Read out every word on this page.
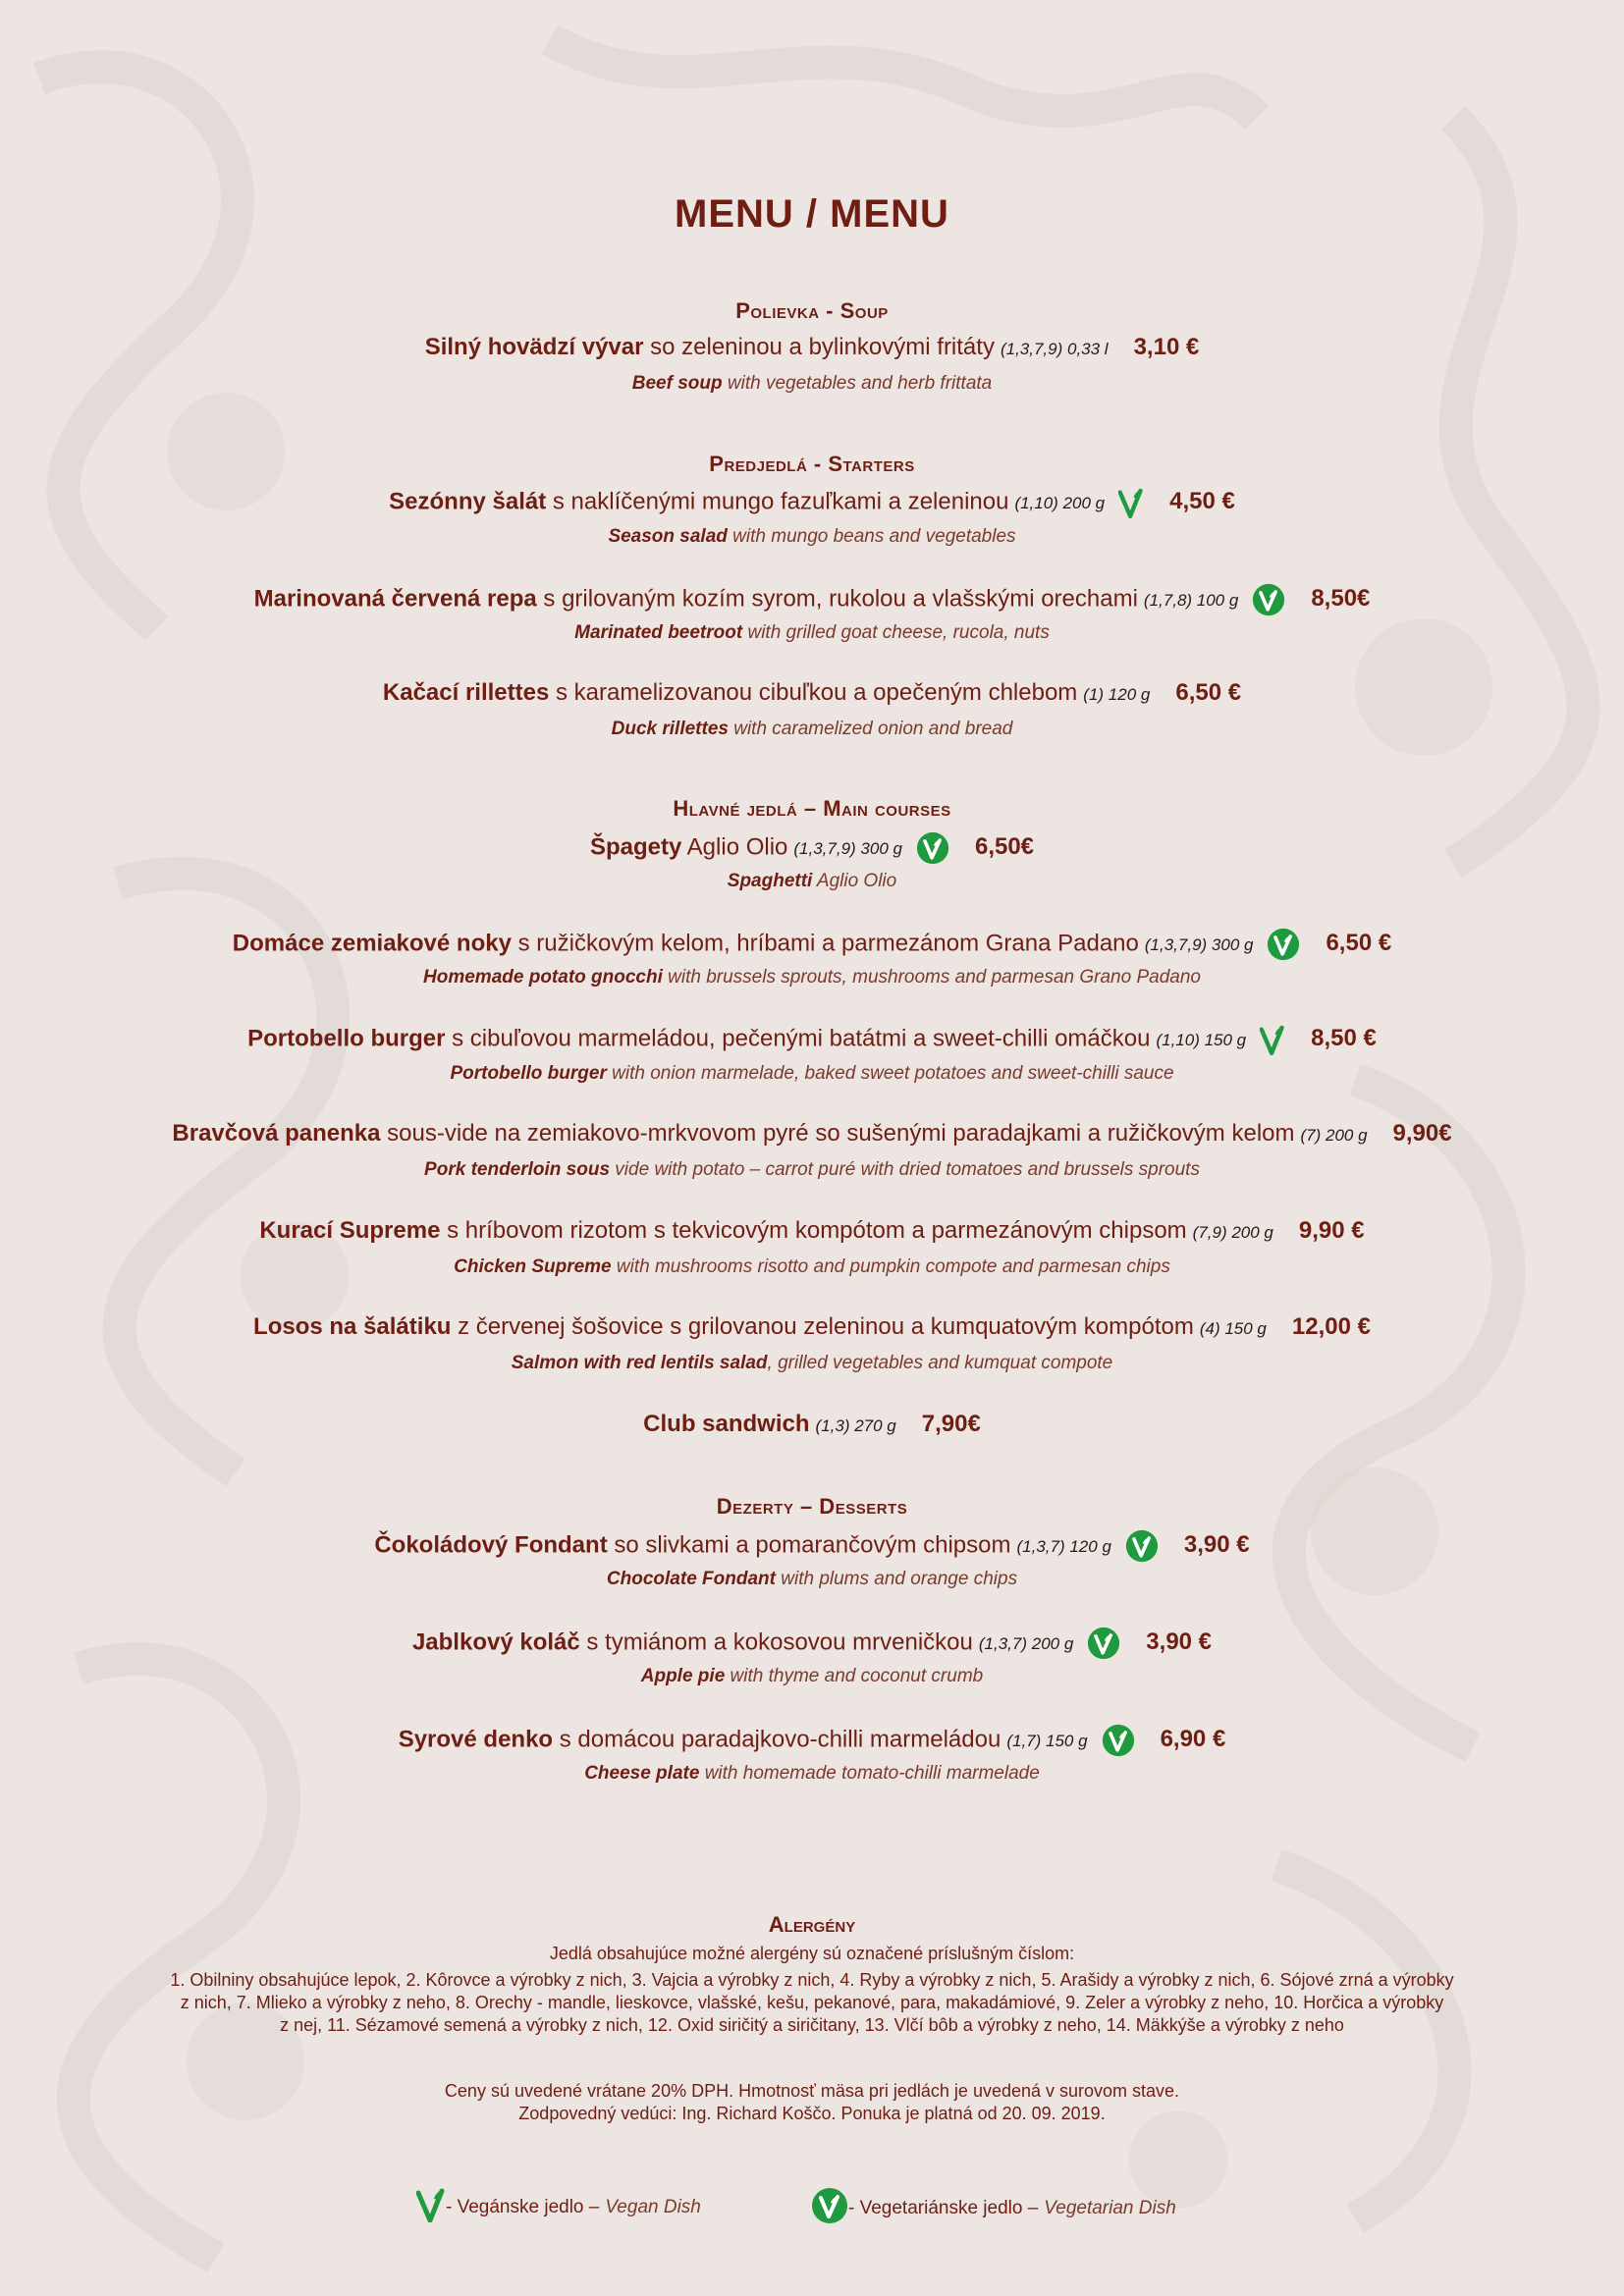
MENU / MENU
Polievka - Soup
Predjedlá - Starters
Hlavné jedlá – Main courses
Dezerty – Desserts
Silný hovädzí vývar so zeleninou a bylinkovými fritáty (1,3,7,9) 0,33 l 3,10 €
Beef soup with vegetables and herb frittata
Sezónny šalát s naklíčenými mungo fazuľkami a zeleninou (1,10) 200 g	4,50 €
Season salad with mungo beans and vegetables
Marinovaná červená repa s grilovaným kozím syrom, rukolou a vlašskými orechami (1,7,8) 100 g	8,50€
Marinated beetroot with grilled goat cheese, rucola, nuts
Kačací rillettes s karamelizovanou cibuľkou a opečeným chlebom (1) 120 g 6,50 €
Duck rillettes with caramelized onion and bread
Špagety Aglio Olio (1,3,7,9) 300 g	6,50€
Spaghetti Aglio Olio
Domáce zemiakové noky s ružičkovým kelom, hríbami a parmezánom Grana Padano (1,3,7,9) 300 g	6,50 €
Homemade potato gnocchi with brussels sprouts, mushrooms and parmesan Grano Padano
Portobello burger s cibuľovou marmeládou, pečenými batátmi a sweet-chilli omáčkou (1,10) 150 g	8,50 €
Portobello burger with onion marmelade, baked sweet potatoes and sweet-chilli sauce
Bravčová panenka sous-vide na zemiakovo-mrkvovom pyré so sušenými paradajkami a ružičkovým kelom (7) 200 g 9,90€
Pork tenderloin sous vide with potato – carrot puré with dried tomatoes and brussels sprouts
Kurací Supreme s hríbovom rizotom s tekvicovým kompótom a parmezánovým chipsom (7,9) 200 g 9,90 €
Chicken Supreme with mushrooms risotto and pumpkin compote and parmesan chips
Losos na šalátiku z červenej šošovice s grilovanou zeleninou a kumquatovým kompótom (4) 150 g 12,00 €
Salmon with red lentils salad, grilled vegetables and kumquat compote
Club sandwich (1,3) 270 g 7,90€
Čokoládový Fondant so slivkami a pomarančovým chipsom (1,3,7) 120 g	3,90 €
Chocolate Fondant with plums and orange chips
Jablkový koláč s tymiánom a kokosovou mrveničkou (1,3,7) 200 g	3,90 €
Apple pie with thyme and coconut crumb
Syrové denko s domácou paradajkovo-chilli marmeládou (1,7) 150 g	6,90 €
Cheese plate with homemade tomato-chilli marmelade
Alergény
Jedlá obsahujúce možné alergény sú označené príslušným číslom:
1. Obilniny obsahujúce lepok, 2. Kôrovce a výrobky z nich, 3. Vajcia a výrobky z nich, 4. Ryby a výrobky z nich, 5. Arašidy a výrobky z nich, 6. Sójové zrná a výrobky
z nich, 7. Mlieko a výrobky z neho, 8. Orechy - mandle, lieskovce, vlašské, kešu, pekanové, para, makadámiové, 9. Zeler a výrobky z neho, 10. Horčica a výrobky
z nej, 11. Sézamové semená a výrobky z nich, 12. Oxid siričitý a siričitany, 13. Vlčí bôb a výrobky z neho, 14. Mäkkýše a výrobky z neho
Ceny sú uvedené vrátane 20% DPH. Hmotnosť mäsa pri jedlách je uvedená v surovom stave.
Zodpovedný vedúci: Ing. Richard Koščo. Ponuka je platná od 20. 09. 2019.
- Vegánske jedlo – Vegan Dish	- Vegetariánske jedlo – Vegetarian Dish
